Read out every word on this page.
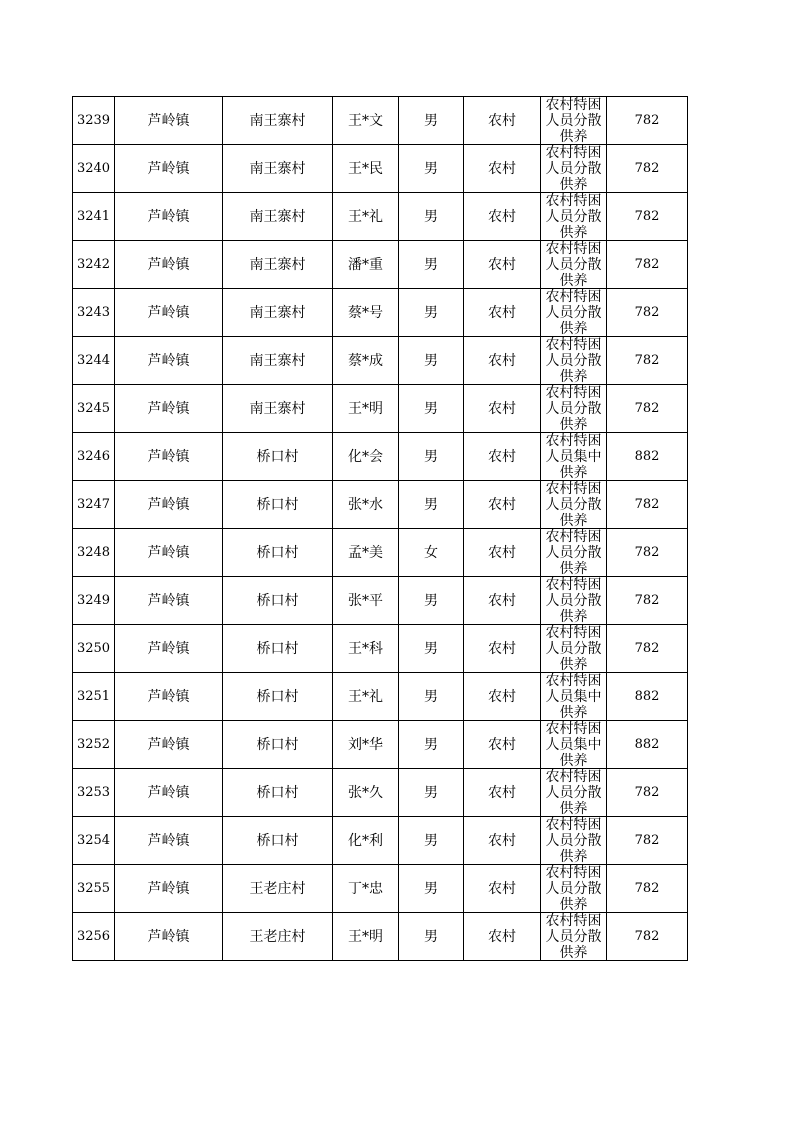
3239	芦岭镇	南王寨村	王*文	男	农村	农村特困人员分散供养	782
3240	芦岭镇	南王寨村	王*民	男	农村	农村特困人员分散供养	782
3241	芦岭镇	南王寨村	王*礼	男	农村	农村特困人员分散供养	782
3242	芦岭镇	南王寨村	潘*重	男	农村	农村特困人员分散供养	782
3243	芦岭镇	南王寨村	蔡*号	男	农村	农村特困人员分散供养	782
3244	芦岭镇	南王寨村	蔡*成	男	农村	农村特困人员分散供养	782
3245	芦岭镇	南王寨村	王*明	男	农村	农村特困人员分散供养	782
3246	芦岭镇	桥口村	化*会	男	农村	农村特困人员集中供养	882
3247	芦岭镇	桥口村	张*水	男	农村	农村特困人员分散供养	782
3248	芦岭镇	桥口村	孟*美	女	农村	农村特困人员分散供养	782
3249	芦岭镇	桥口村	张*平	男	农村	农村特困人员分散供养	782
3250	芦岭镇	桥口村	王*科	男	农村	农村特困人员分散供养	782
3251	芦岭镇	桥口村	王*礼	男	农村	农村特困人员集中供养	882
3252	芦岭镇	桥口村	刘*华	男	农村	农村特困人员集中供养	882
3253	芦岭镇	桥口村	张*久	男	农村	农村特困人员分散供养	782
3254	芦岭镇	桥口村	化*利	男	农村	农村特困人员分散供养	782
3255	芦岭镇	王老庄村	丁*忠	男	农村	农村特困人员分散供养	782
3256	芦岭镇	王老庄村	王*明	男	农村	农村特困人员分散供养	782
